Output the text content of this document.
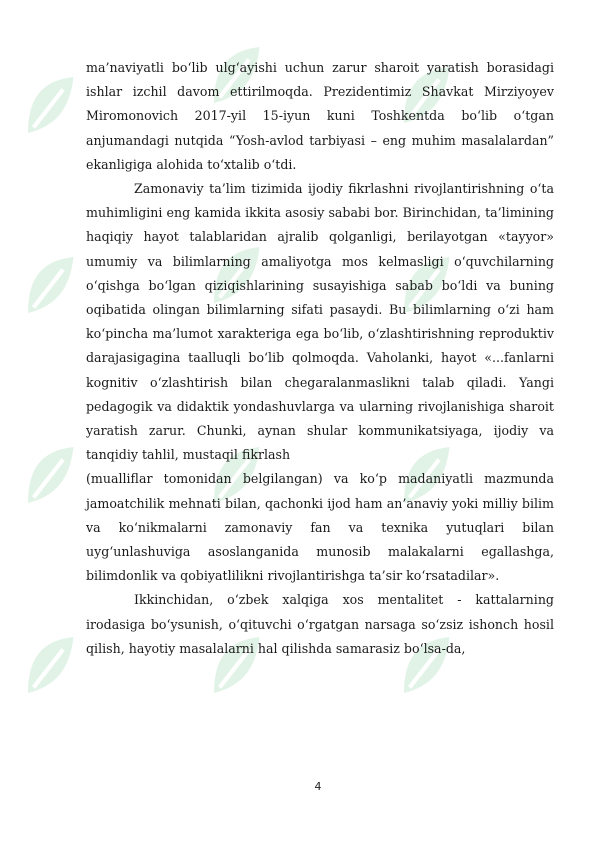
ma’naviyatli bo‘lib ulg‘ayishi uchun zarur sharoit yaratish borasidagi ishlar izchil davom ettirilmoqda. Prezidentimiz Shavkat Mirziyoyev Miromonovich 2017-yil 15-iyun kuni Toshkentda bo‘lib o‘tgan anjumandagi nutqida “Yosh-avlod tarbiyasi – eng muhim masalalardan” ekanligiga alohida to‘xtalib o‘tdi.

Zamonaviy ta’lim tizimida ijodiy fikrlashni rivojlantirishning o‘ta muhimligini eng kamida ikkita asosiy sababi bor. Birinchidan, ta’limining haqiqiy hayot talablaridan ajralib qolganligi, berilayotgan «tayyor» umumiy va bilimlarning amaliyotga mos kelmasligi o‘quvchilarning o‘qishga bo‘lgan qiziqishlarining susayishiga sabab bo‘ldi va buning oqibatida olingan bilimlarning sifati pasaydi. Bu bilimlarning o‘zi ham ko‘pincha ma’lumot xarakteriga ega bo‘lib, o‘zlashtirishning reproduktiv darajasigagina taalluqli bo‘lib qolmoqda. Vaholanki, hayot «...fanlarni kognitiv o‘zlashtirish bilan chegaralanmaslikni talab qiladi. Yangi pedagogik va didaktik yondashuvlarga va ularning rivojlanishiga sharoit yaratish zarur. Chunki, aynan shular kommunikatsiyaga, ijodiy va tanqidiy tahlil, mustaqil fikrlash

(mualliflar tomonidan belgilangan) va ko‘p madaniyatli mazmunda jamoatchilik mehnati bilan, qachonki ijod ham an’anaviy yoki milliy bilim va ko‘nikmalarni zamonaviy fan va texnika yutuqlari bilan uyg‘unlashuviga asoslanganida munosib malakalarni egallashga, bilimdonlik va qobiyatlilikni rivojlantirishga ta’sir ko‘rsatadilar».

Ikkinchidan, o‘zbek xalqiga xos mentalitet - kattalarning irodasiga bo‘ysunish, o‘qituvchi o‘rgatgan narsaga so‘zsiz ishonch hosil qilish, hayotiy masalalarni hal qilishda samarasiz bo‘lsa-da,

4
